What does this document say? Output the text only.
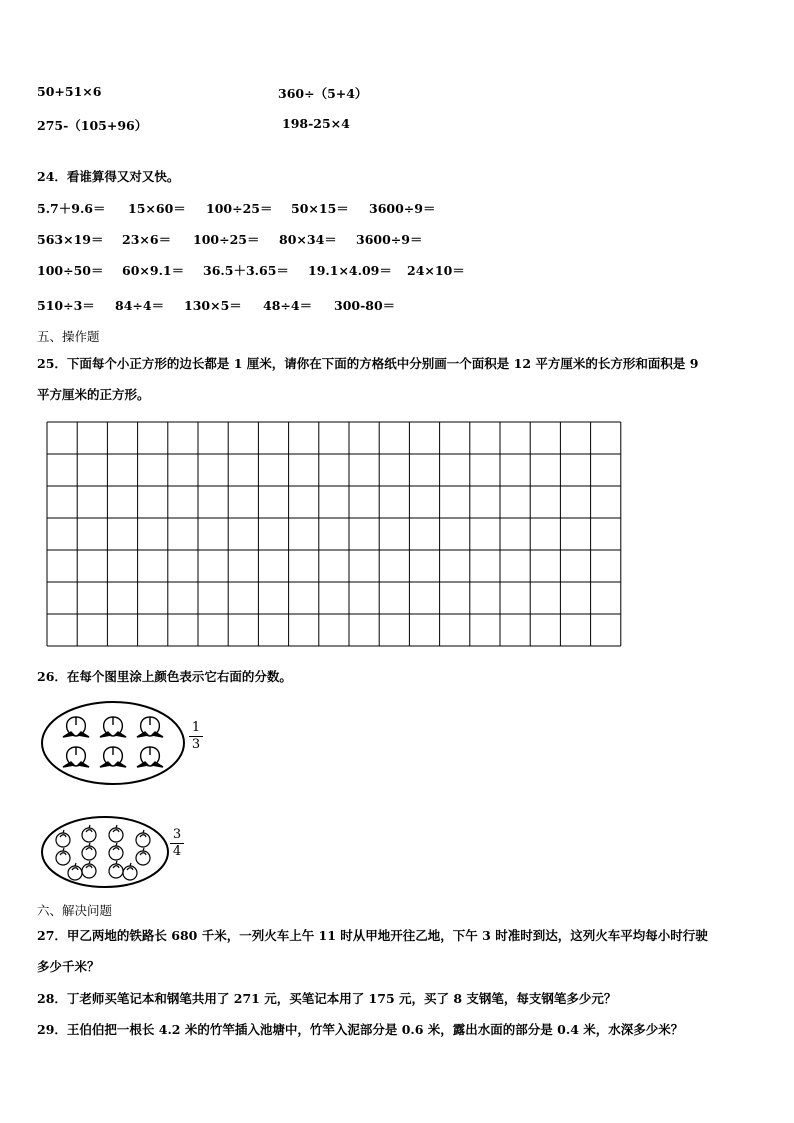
50+51×6	360÷（5+4）
275-（105+96）	198-25×4
24．看谁算得又对又快。
5.7＋9.6＝ 15×60＝ 100÷25＝ 50×15＝ 3600÷9＝
563×19＝ 23×6＝ 100÷25＝ 80×34＝ 3600÷9＝
100÷50＝ 60×9.1＝ 36.5＋3.65＝ 19.1×4.09＝ 24×10＝
510÷3＝ 84÷4＝ 130×5＝ 48÷4＝ 300-80＝
五、操作题
25．下面每个小正方形的边长都是 1 厘米，请你在下面的方格纸中分别画一个面积是 12 平方厘米的长方形和面积是 9
平方厘米的正方形。
26．在每个图里涂上颜色表示它右面的分数。
1
3
3
4
六、解决问题
27．甲乙两地的铁路长 680 千米，一列火车上午 11 时从甲地开往乙地，下午 3 时准时到达，这列火车平均每小时行驶
多少千米？
28．丁老师买笔记本和钢笔共用了 271 元，买笔记本用了 175 元，买了 8 支钢笔，每支钢笔多少元？
29．王伯伯把一根长 4.2 米的竹竿插入池塘中，竹竿入泥部分是 0.6 米，露出水面的部分是 0.4 米，水深多少米？
